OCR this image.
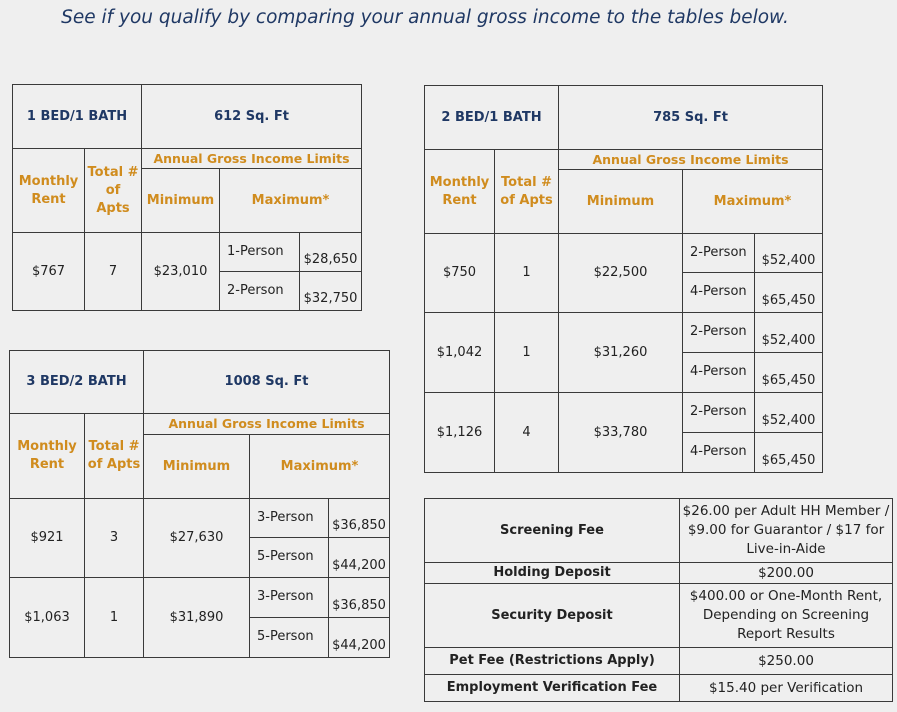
See if you qualify by comparing your annual gross income to the tables below.
1 BED/1 BATH		612 Sq. Ft		
Monthly Rent	Total # of Apts	Annual Gross Income Limits		
		Minimum	Maximum*	
$767	7	$23,010	1-Person	$28,650
			2-Person	$32,750
2 BED/1 BATH		785 Sq. Ft		
Monthly Rent	Total # of Apts	Annual Gross Income Limits		
		Minimum	Maximum*	
$750	1	$22,500	2-Person	$52,400
			4-Person	$65,450
$1,042	1	$31,260	2-Person	$52,400
			4-Person	$65,450
$1,126	4	$33,780	2-Person	$52,400
			4-Person	$65,450
3 BED/2 BATH		1008 Sq. Ft		
Monthly Rent	Total # of Apts	Annual Gross Income Limits		
		Minimum	Maximum*	
$921	3	$27,630	3-Person	$36,850
			5-Person	$44,200
$1,063	1	$31,890	3-Person	$36,850
			5-Person	$44,200
Screening Fee	$26.00 per Adult HH Member / $9.00 for Guarantor / $17 for Live-in-Aide
Holding Deposit	$200.00
Security Deposit	$400.00 or One-Month Rent, Depending on Screening Report Results
Pet Fee (Restrictions Apply)	$250.00
Employment Verification Fee	$15.40 per Verification
